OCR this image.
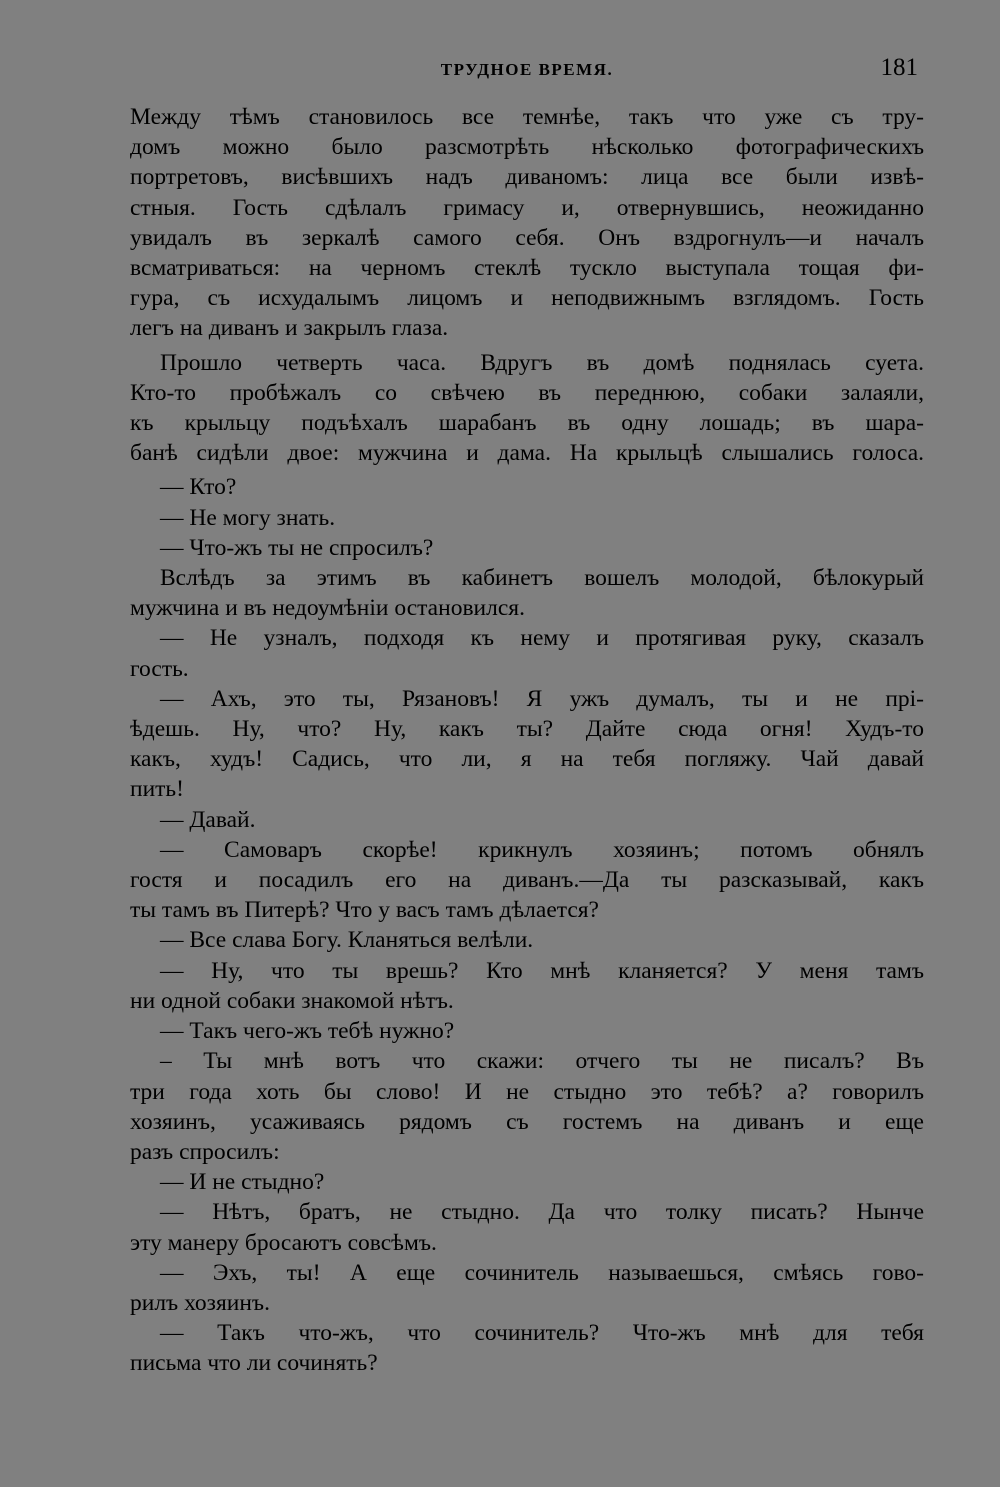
ТРУДНОЕ ВРЕМЯ.	181
Между тѣмъ становилось все темнѣе, такъ что уже съ тру-
домъ можно было разсмотрѣть нѣсколько фотографическихъ
портретовъ, висѣвшихъ надъ диваномъ: лица все были извѣ-
стныя. Гость сдѣлалъ гримасу и, отвернувшись, неожиданно
увидалъ въ зеркалѣ самого себя. Онъ вздрогнулъ—и началъ
всматриваться: на черномъ стеклѣ тускло выступала тощая фи-
гура, съ исхудалымъ лицомъ и неподвижнымъ взглядомъ. Гость
легъ на диванъ и закрылъ глаза.
Прошло четверть часа. Вдругъ въ домѣ поднялась суета.
Кто-то пробѣжалъ со свѣчею въ переднюю, собаки залаяли,
къ крыльцу подъѣхалъ шарабанъ въ одну лошадь; въ шара-
банѣ сидѣли двое: мужчина и дама. На крыльцѣ слышались голоса.
— Кто?
— Не могу знать.
— Что-жъ ты не спросилъ?
Вслѣдъ за этимъ въ кабинетъ вошелъ молодой, бѣлокурый
мужчина и въ недоумѣніи остановился.
— Не узналъ, подходя къ нему и протягивая руку, сказалъ
гость.
— Ахъ, это ты, Рязановъ! Я ужъ думалъ, ты и не прі-
ѣдешь. Ну, что? Ну, какъ ты? Дайте сюда огня! Худъ-то
какъ, худъ! Садись, что ли, я на тебя погляжу. Чай давай
пить!
— Давай.
— Самоваръ скорѣе! крикнулъ хозяинъ; потомъ обнялъ
гостя и посадилъ его на диванъ.—Да ты разсказывай, какъ
ты тамъ въ Питерѣ? Что у васъ тамъ дѣлается?
— Все слава Богу. Кланяться велѣли.
— Ну, что ты врешь? Кто мнѣ кланяется? У меня тамъ
ни одной собаки знакомой нѣтъ.
— Такъ чего-жъ тебѣ нужно?
– Ты мнѣ вотъ что скажи: отчего ты не писалъ? Въ
три года хоть бы слово! И не стыдно это тебѣ? а? говорилъ
хозяинъ, усаживаясь рядомъ съ гостемъ на диванъ и еще
разъ спросилъ:
— И не стыдно?
— Нѣтъ, братъ, не стыдно. Да что толку писать? Нынче
эту манеру бросаютъ совсѣмъ.
— Эхъ, ты! А еще сочинитель называешься, смѣясь гово-
рилъ хозяинъ.
— Такъ что-жъ, что сочинитель? Что-жъ мнѣ для тебя
письма что ли сочинять?
